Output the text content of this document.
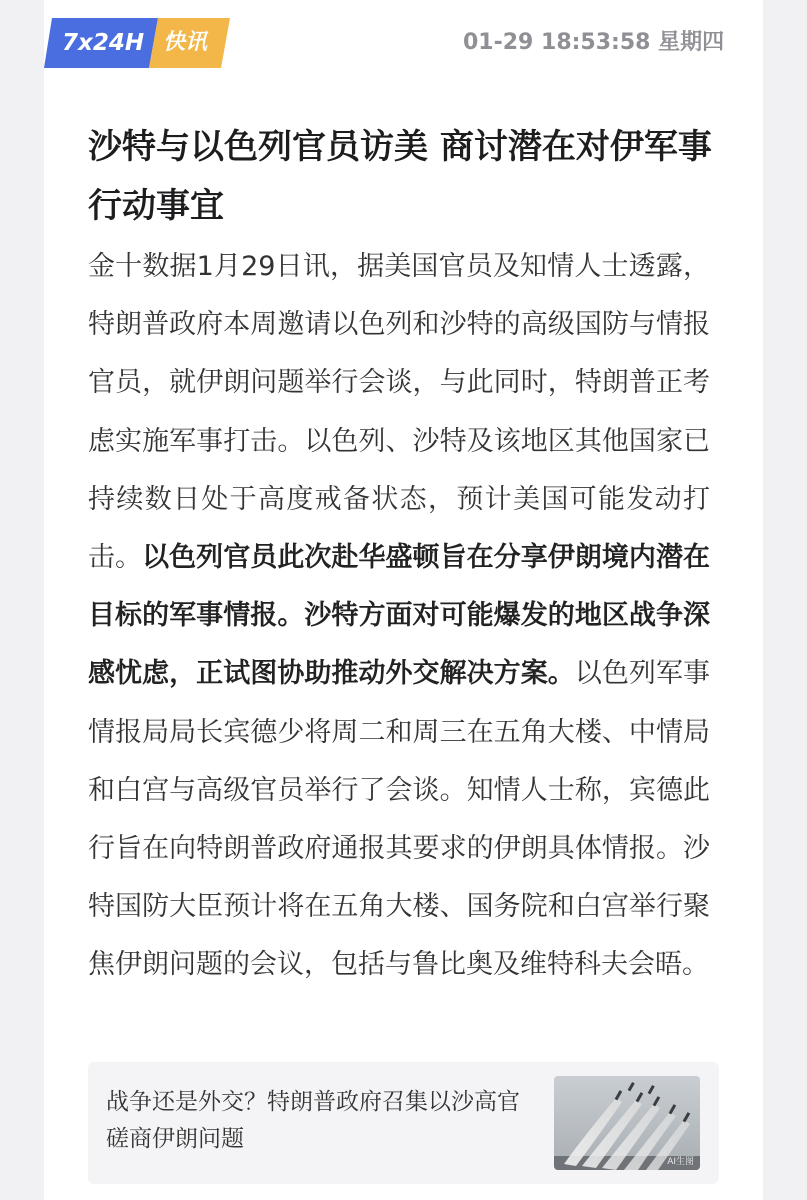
7x24H 快讯	01-29 18:53:58 星期四
沙特与以色列官员访美 商讨潜在对伊军事行动事宜

金十数据1月29日讯，据美国官员及知情人士透露，特朗普政府本周邀请以色列和沙特的高级国防与情报官员，就伊朗问题举行会谈，与此同时，特朗普正考虑实施军事打击。以色列、沙特及该地区其他国家已持续数日处于高度戒备状态，预计美国可能发动打击。以色列官员此次赴华盛顿旨在分享伊朗境内潜在目标的军事情报。沙特方面对可能爆发的地区战争深感忧虑，正试图协助推动外交解决方案。以色列军事情报局局长宾德少将周二和周三在五角大楼、中情局和白宫与高级官员举行了会谈。知情人士称，宾德此行旨在向特朗普政府通报其要求的伊朗具体情报。沙特国防大臣预计将在五角大楼、国务院和白宫举行聚焦伊朗问题的会议，包括与鲁比奥及维特科夫会晤。

战争还是外交？特朗普政府召集以沙高官磋商伊朗问题
AI生图
